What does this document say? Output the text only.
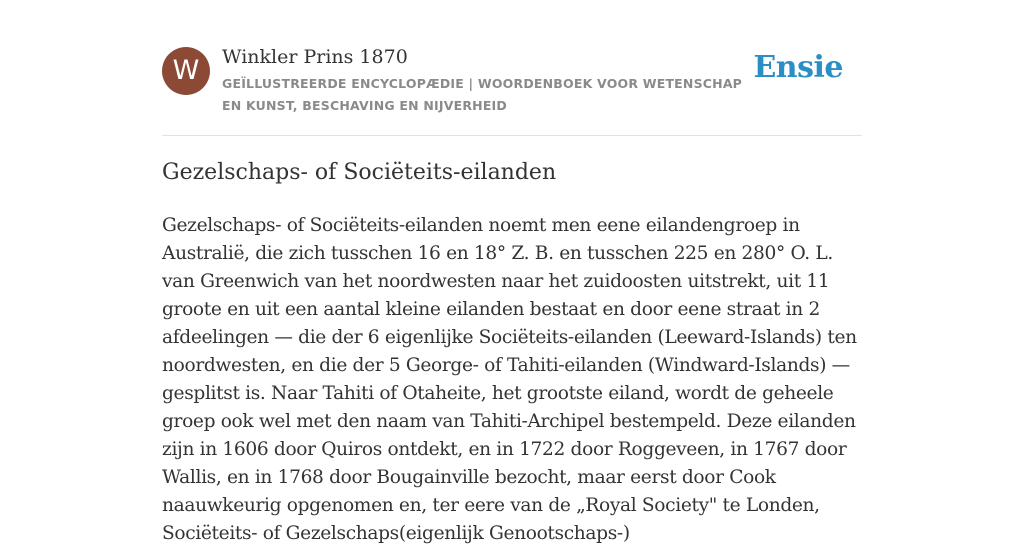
W	Winkler Prins 1870
GEÏLLUSTREERDE ENCYCLOPÆDIE | WOORDENBOEK VOOR WETENSCHAP EN KUNST, BESCHAVING EN NIJVERHEID
Ensie
Gezelschaps- of Sociëteits-eilanden

Gezelschaps- of Sociëteits-eilanden noemt men eene eilandengroep in Australië, die zich tusschen 16 en 18° Z. B. en tusschen 225 en 280° O. L. van Greenwich van het noordwesten naar het zuidoosten uitstrekt, uit 11 groote en uit een aantal kleine eilanden bestaat en door eene straat in 2 afdeelingen — die der 6 eigenlijke Sociëteits-eilanden (Leeward-Islands) ten noordwesten, en die der 5 George- of Tahiti-eilanden (Windward-Islands) — gesplitst is. Naar Tahiti of Otaheite, het grootste eiland, wordt de geheele groep ook wel met den naam van Tahiti-Archipel bestempeld. Deze eilanden zijn in 1606 door Quiros ontdekt, en in 1722 door Roggeveen, in 1767 door Wallis, en in 1768 door Bougainville bezocht, maar eerst door Cook naauwkeurig opgenomen en, ter eere van de „Royal Society" te Londen, Sociëteits- of Gezelschaps(eigenlijk Genootschaps-)
